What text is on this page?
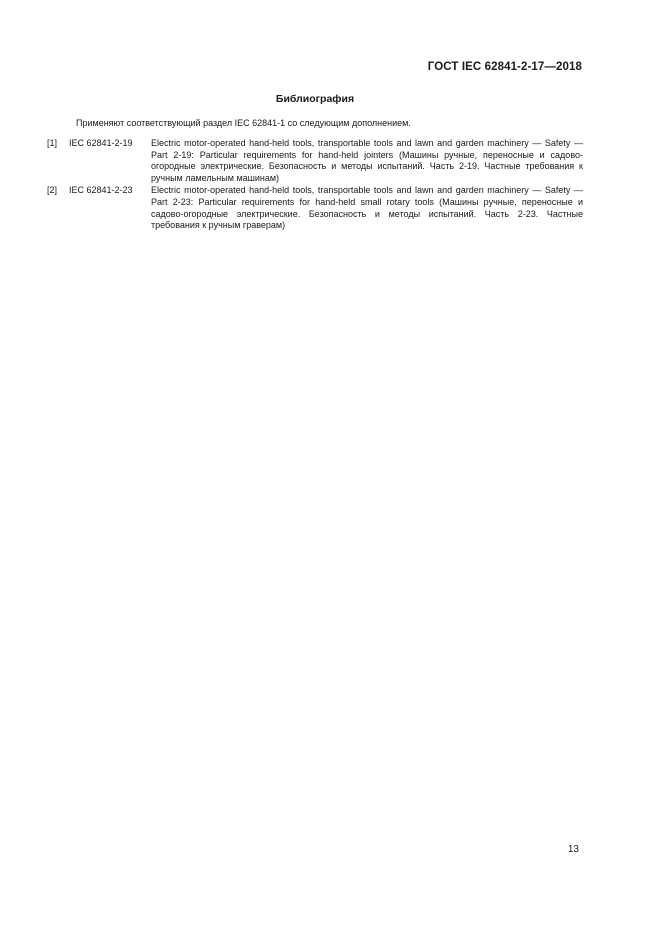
ГОСТ IEC 62841-2-17—2018
Библиография
Применяют соответствующий раздел IEC 62841-1 со следующим дополнением.
[1] IEC 62841-2-19 Electric motor-operated hand-held tools, transportable tools and lawn and garden machinery — Safety — Part 2-19: Particular requirements for hand-held jointers (Машины ручные, переносные и садово-огородные электрические. Безопасность и методы испытаний. Часть 2-19. Частные требования к ручным ламельным машинам)
[2] IEC 62841-2-23 Electric motor-operated hand-held tools, transportable tools and lawn and garden machinery — Safety — Part 2-23: Particular requirements for hand-held small rotary tools (Машины ручные, переносные и садово-огородные электрические. Безопасность и методы испытаний. Часть 2-23. Частные требования к ручным граверам)
13
